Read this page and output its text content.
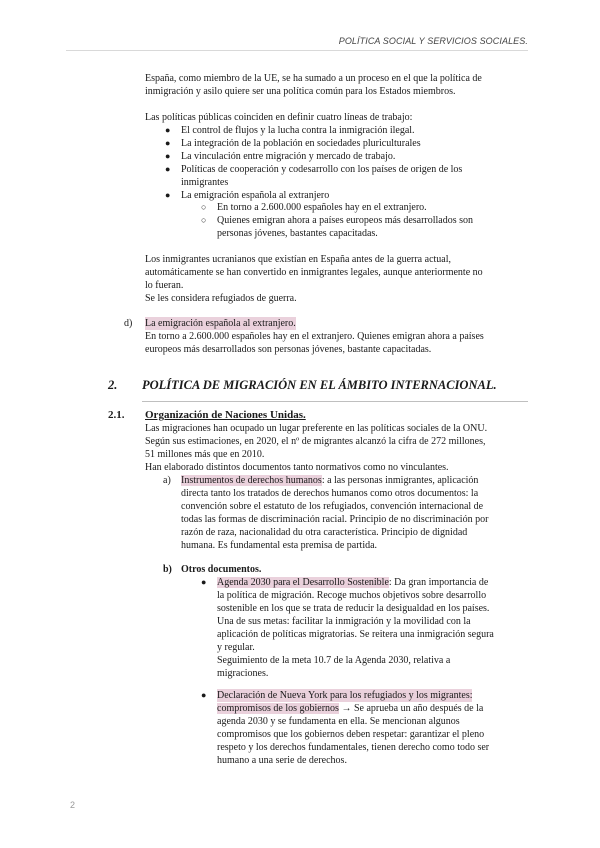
POLÍTICA SOCIAL Y SERVICIOS SOCIALES.
España, como miembro de la UE, se ha sumado a un proceso en el que la política de
inmigración y asilo quiere ser una política común para los Estados miembros.
Las políticas públicas coinciden en definir cuatro líneas de trabajo:
● El control de flujos y la lucha contra la inmigración ilegal.
● La integración de la población en sociedades pluriculturales
● La vinculación entre migración y mercado de trabajo.
● Políticas de cooperación y codesarrollo con los países de origen de los
inmigrantes
● La emigración española al extranjero
○ En torno a 2.600.000 españoles hay en el extranjero.
○ Quienes emigran ahora a países europeos más desarrollados son
personas jóvenes, bastantes capacitadas.
Los inmigrantes ucranianos que existían en España antes de la guerra actual,
automáticamente se han convertido en inmigrantes legales, aunque anteriormente no
lo fueran.
Se les considera refugiados de guerra.
d) La emigración española al extranjero.
En torno a 2.600.000 españoles hay en el extranjero. Quienes emigran ahora a países
europeos más desarrollados son personas jóvenes, bastante capacitadas.
2. POLÍTICA DE MIGRACIÓN EN EL ÁMBITO INTERNACIONAL.
2.1. Organización de Naciones Unidas.
Las migraciones han ocupado un lugar preferente en las políticas sociales de la ONU.
Según sus estimaciones, en 2020, el nº de migrantes alcanzó la cifra de 272 millones,
51 millones más que en 2010.
Han elaborado distintos documentos tanto normativos como no vinculantes.
a) Instrumentos de derechos humanos: a las personas inmigrantes, aplicación
directa tanto los tratados de derechos humanos como otros documentos: la
convención sobre el estatuto de los refugiados, convención internacional de
todas las formas de discriminación racial. Principio de no discriminación por
razón de raza, nacionalidad du otra característica. Principio de dignidad
humana. Es fundamental esta premisa de partida.
b) Otros documentos.
● Agenda 2030 para el Desarrollo Sostenible: Da gran importancia de
la política de migración. Recoge muchos objetivos sobre desarrollo
sostenible en los que se trata de reducir la desigualdad en los países.
Una de sus metas: facilitar la inmigración y la movilidad con la
aplicación de políticas migratorias. Se reitera una inmigración segura
y regular.
Seguimiento de la meta 10.7 de la Agenda 2030, relativa a
migraciones.
● Declaración de Nueva York para los refugiados y los migrantes:
compromisos de los gobiernos → Se aprueba un año después de la
agenda 2030 y se fundamenta en ella. Se mencionan algunos
compromisos que los gobiernos deben respetar: garantizar el pleno
respeto y los derechos fundamentales, tienen derecho como todo ser
humano a una serie de derechos.
2
